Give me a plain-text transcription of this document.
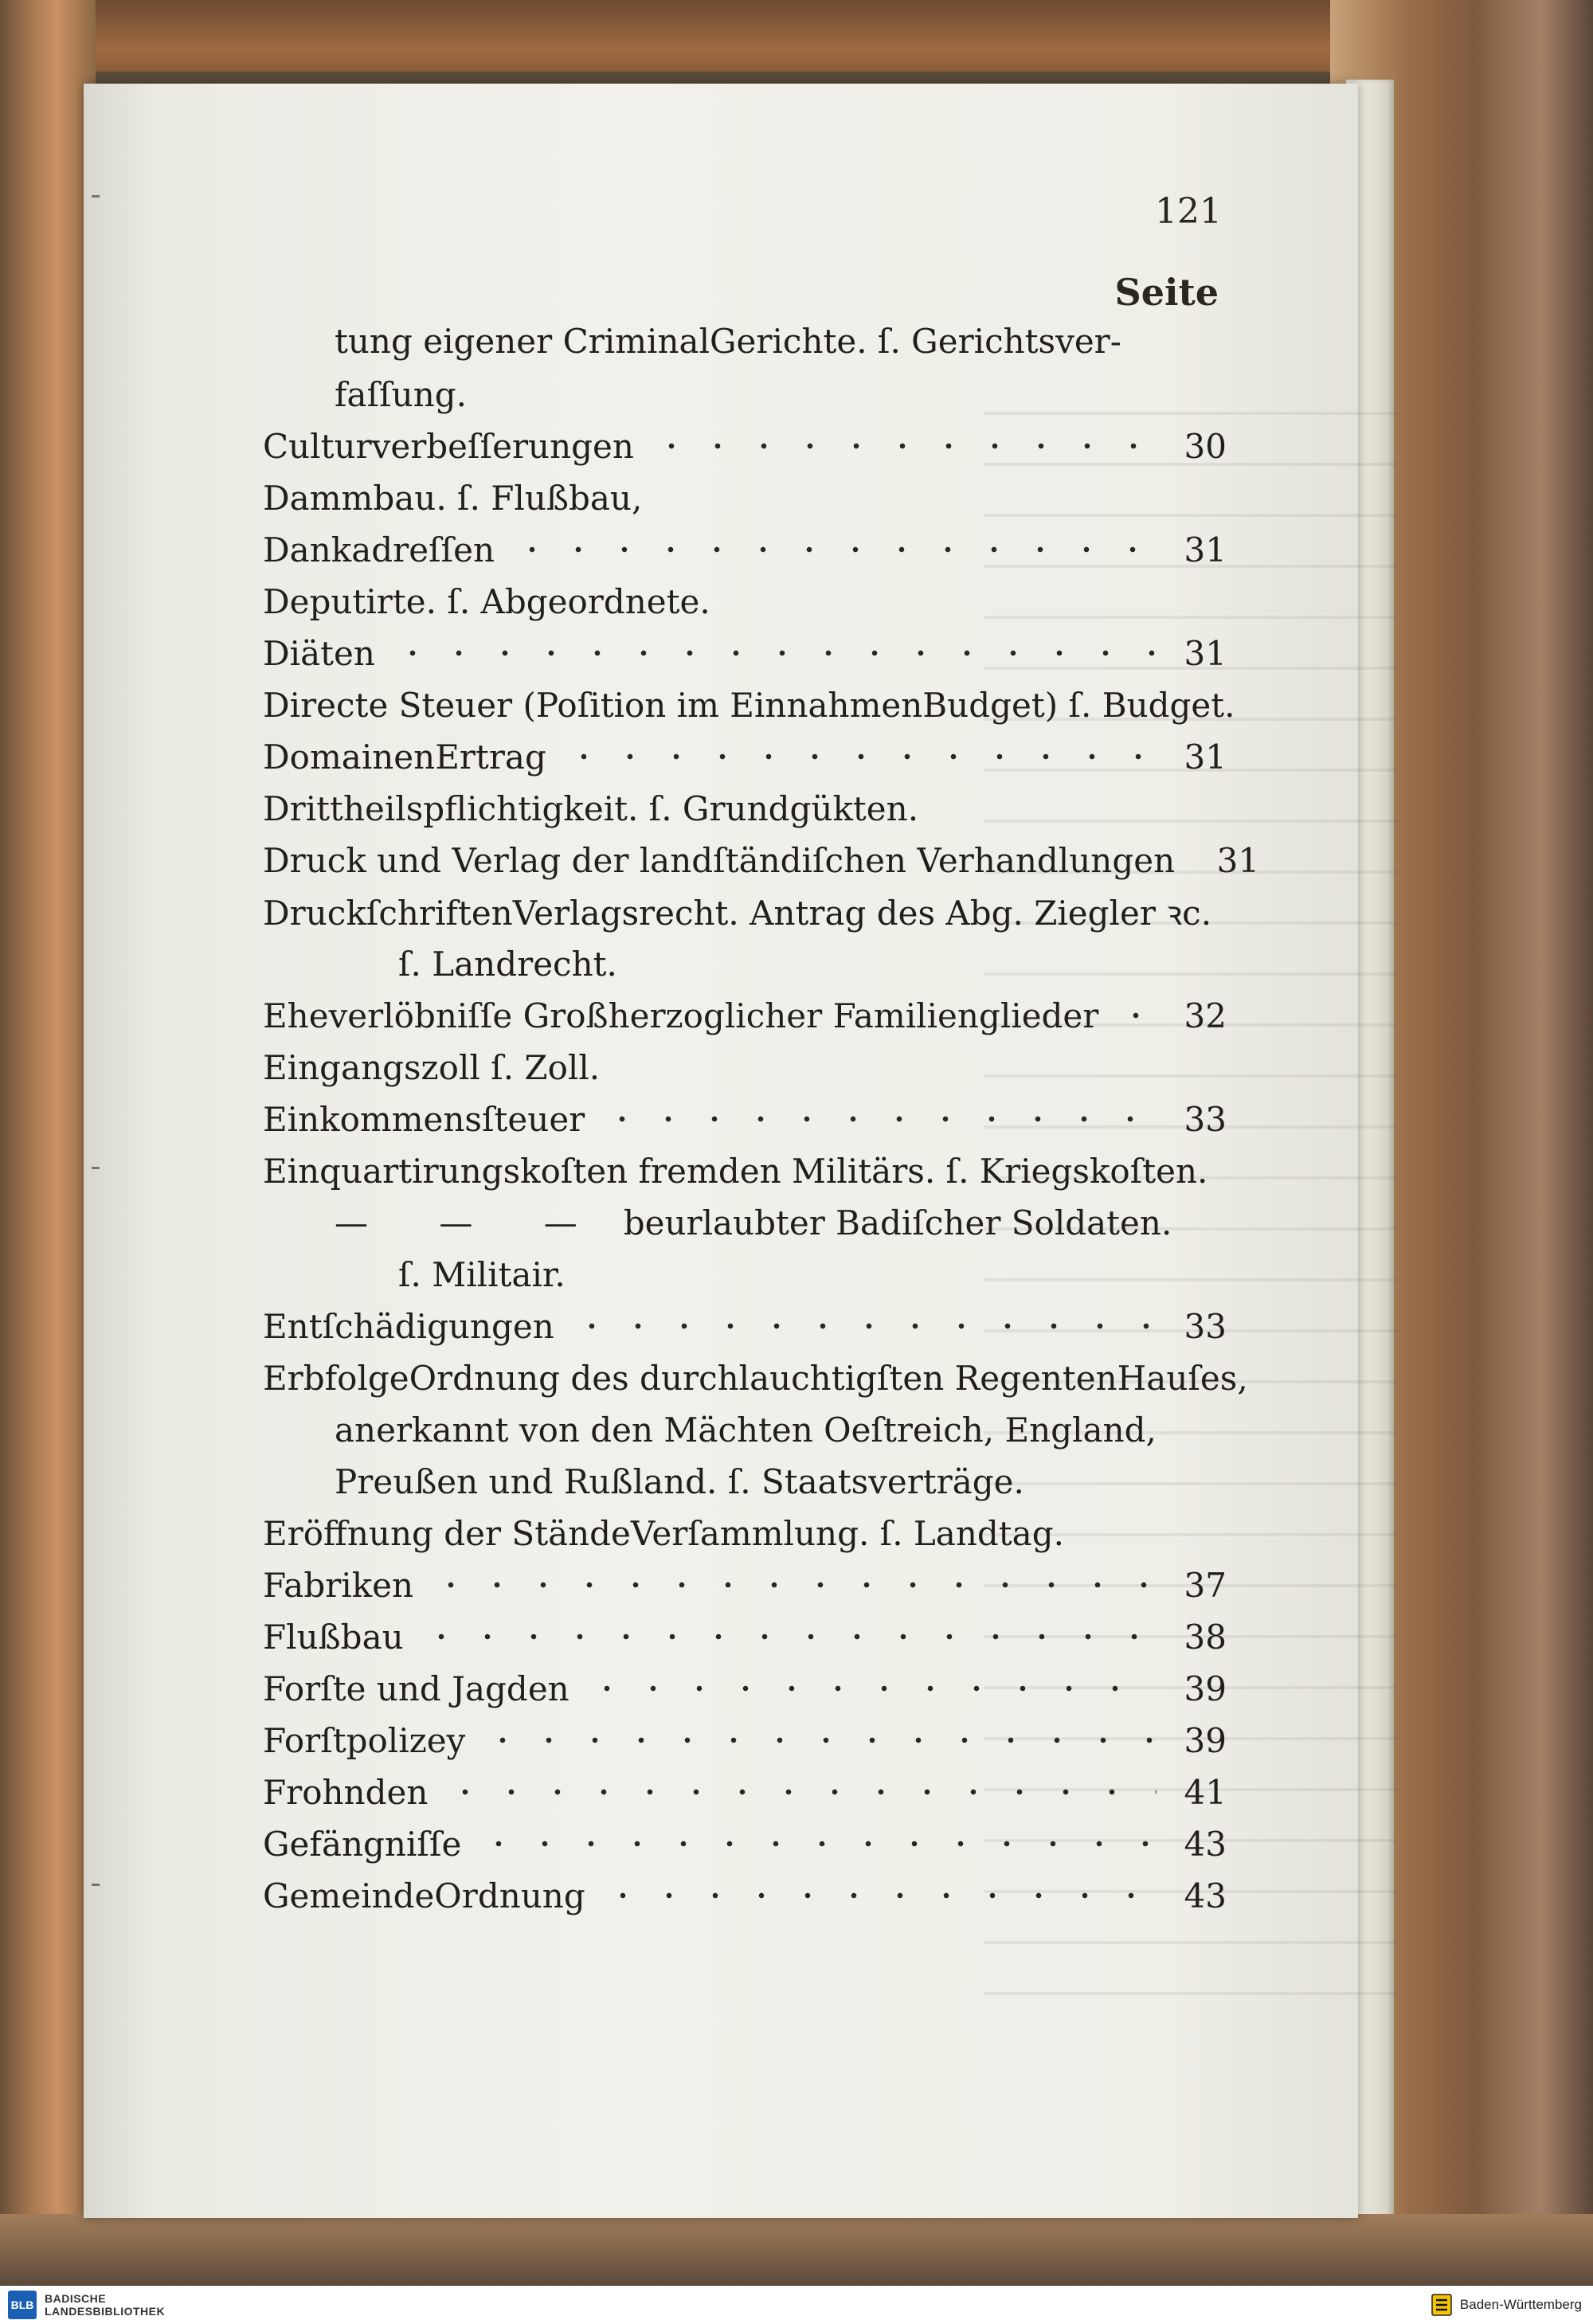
121
Seite
tung eigener CriminalGerichte. ſ. Gerichtsver-
faſſung.
Culturverbeſſerungen	30
Dammbau. ſ. Flußbau,
Dankadreſſen	31
Deputirte. ſ. Abgeordnete.
Diäten	31
Directe Steuer (Poſition im EinnahmenBudget) ſ. Budget.
DomainenErtrag	31
Drittheilspflichtigkeit. ſ. Grundgükten.
Druck und Verlag der landſtändiſchen Verhandlungen	31
DruckſchriftenVerlagsrecht. Antrag des Abg. Ziegler ꝛc.
ſ. Landrecht.
Eheverlöbniſſe Großherzoglicher Familienglieder	32
Eingangszoll ſ. Zoll.
Einkommensſteuer	33
Einquartirungskoſten fremden Militärs. ſ. Kriegskoſten.
— — — beurlaubter Badiſcher Soldaten.
ſ. Militair.
Entſchädigungen	33
ErbfolgeOrdnung des durchlauchtigſten RegentenHauſes,
anerkannt von den Mächten Oeſtreich, England,
Preußen und Rußland. ſ. Staatsverträge.
Eröffnung der StändeVerſammlung. ſ. Landtag.
Fabriken	37
Flußbau	38
Forſte und Jagden	39
Forſtpolizey	39
Frohnden	41
Gefängniſſe	43
GemeindeOrdnung	43
BLB BADISCHE
LANDESBIBLIOTHEK	Baden-Württemberg
